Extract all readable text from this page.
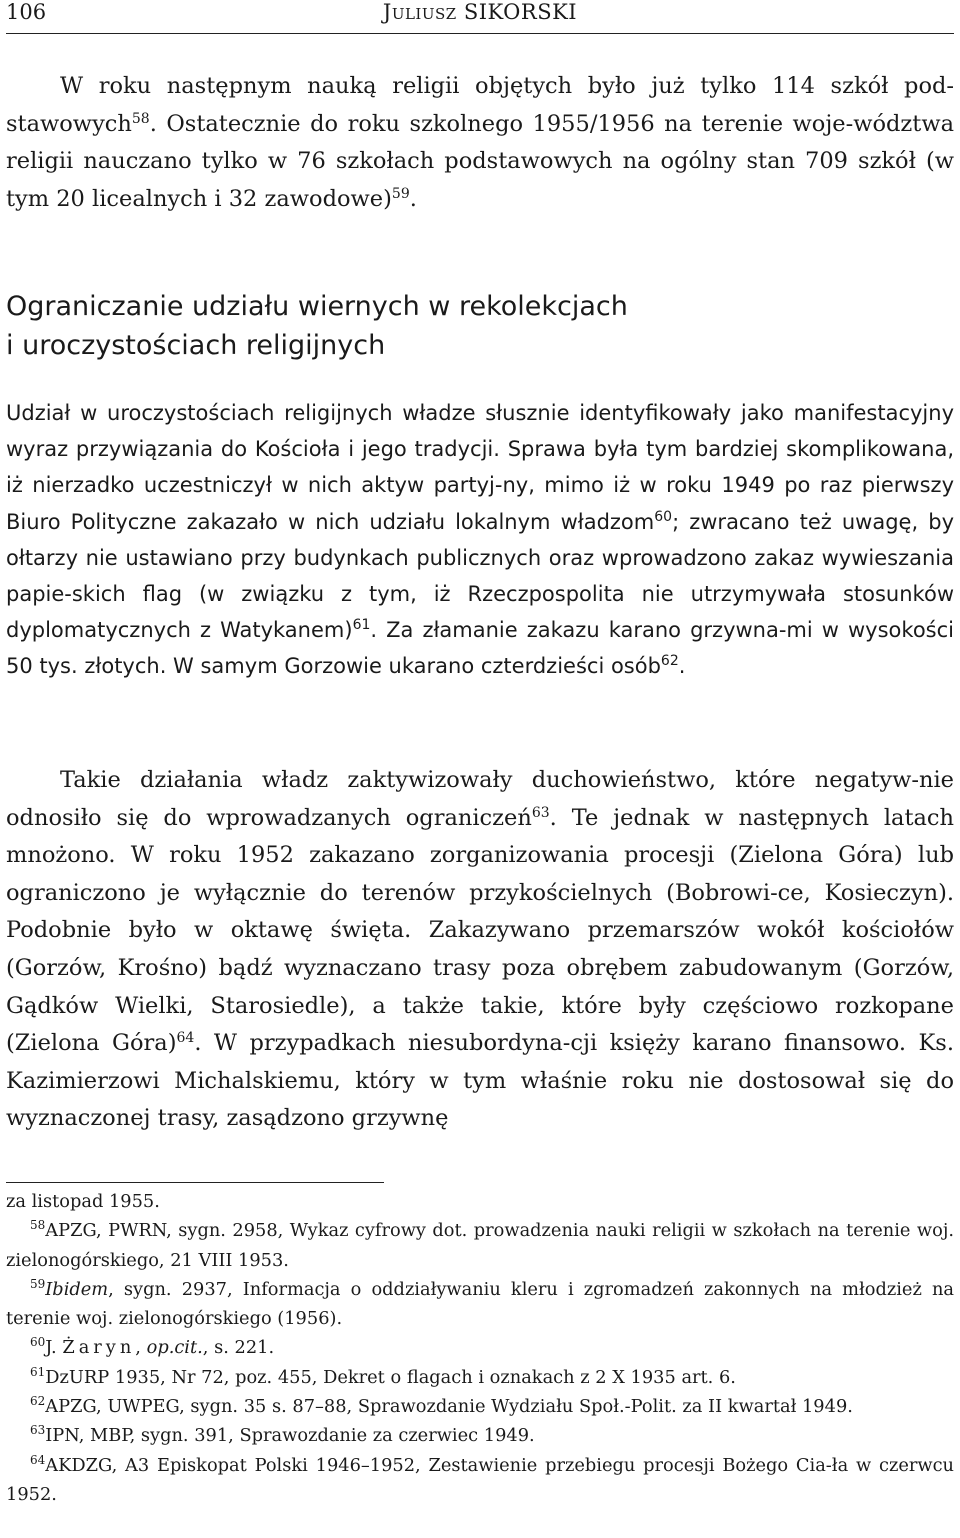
106	Juliusz SIKORSKI

W roku następnym nauką religii objętych było już tylko 114 szkół pod-stawowych$^{58}$. Ostatecznie do roku szkolnego 1955/1956 na terenie woje-wództwa religii nauczano tylko w 76 szkołach podstawowych na ogólny stan 709 szkół (w tym 20 licealnych i 32 zawodowe)$^{59}$.

Ograniczanie udziału wiernych w rekolekcjach
i uroczystościach religijnych

Udział w uroczystościach religijnych władze słusznie identyfikowały jako manifestacyjny wyraz przywiązania do Kościoła i jego tradycji. Sprawa była tym bardziej skomplikowana, iż nierzadko uczestniczył w nich aktyw partyj-ny, mimo iż w roku 1949 po raz pierwszy Biuro Polityczne zakazało w nich udziału lokalnym władzom$^{60}$; zwracano też uwagę, by ołtarzy nie ustawiano przy budynkach publicznych oraz wprowadzono zakaz wywieszania papie-skich flag (w związku z tym, iż Rzeczpospolita nie utrzymywała stosunków dyplomatycznych z Watykanem)$^{61}$. Za złamanie zakazu karano grzywna-mi w wysokości 50 tys. złotych. W samym Gorzowie ukarano czterdzieści osób$^{62}$.

Takie działania władz zaktywizowały duchowieństwo, które negatyw-nie odnosiło się do wprowadzanych ograniczeń$^{63}$. Te jednak w następnych latach mnożono. W roku 1952 zakazano zorganizowania procesji (Zielona Góra) lub ograniczono je wyłącznie do terenów przykościelnych (Bobrowi-ce, Kosieczyn). Podobnie było w oktawę święta. Zakazywano przemarszów wokół kościołów (Gorzów, Krośno) bądź wyznaczano trasy poza obrębem zabudowanym (Gorzów, Gądków Wielki, Starosiedle), a także takie, które były częściowo rozkopane (Zielona Góra)$^{64}$. W przypadkach niesubordyna-cji księży karano finansowo. Ks. Kazimierzowi Michalskiemu, który w tym właśnie roku nie dostosował się do wyznaczonej trasy, zasądzono grzywnę

za listopad 1955.

$^{58}$APZG, PWRN, sygn. 2958, Wykaz cyfrowy dot. prowadzenia nauki religii w szkołach na terenie woj. zielonogórskiego, 21 VIII 1953.

$^{59}$Ibidem, sygn. 2937, Informacja o oddziaływaniu kleru i zgromadzeń zakonnych na młodzież na terenie woj. zielonogórskiego (1956).

$^{60}$J. Żaryn, op.cit., s. 221.

$^{61}$DzURP 1935, Nr 72, poz. 455, Dekret o flagach i oznakach z 2 X 1935 art. 6.

$^{62}$APZG, UWPEG, sygn. 35 s. 87–88, Sprawozdanie Wydziału Społ.-Polit. za II kwartał 1949.

$^{63}$IPN, MBP, sygn. 391, Sprawozdanie za czerwiec 1949.

$^{64}$AKDZG, A3 Episkopat Polski 1946–1952, Zestawienie przebiegu procesji Bożego Cia-ła w czerwcu 1952.
